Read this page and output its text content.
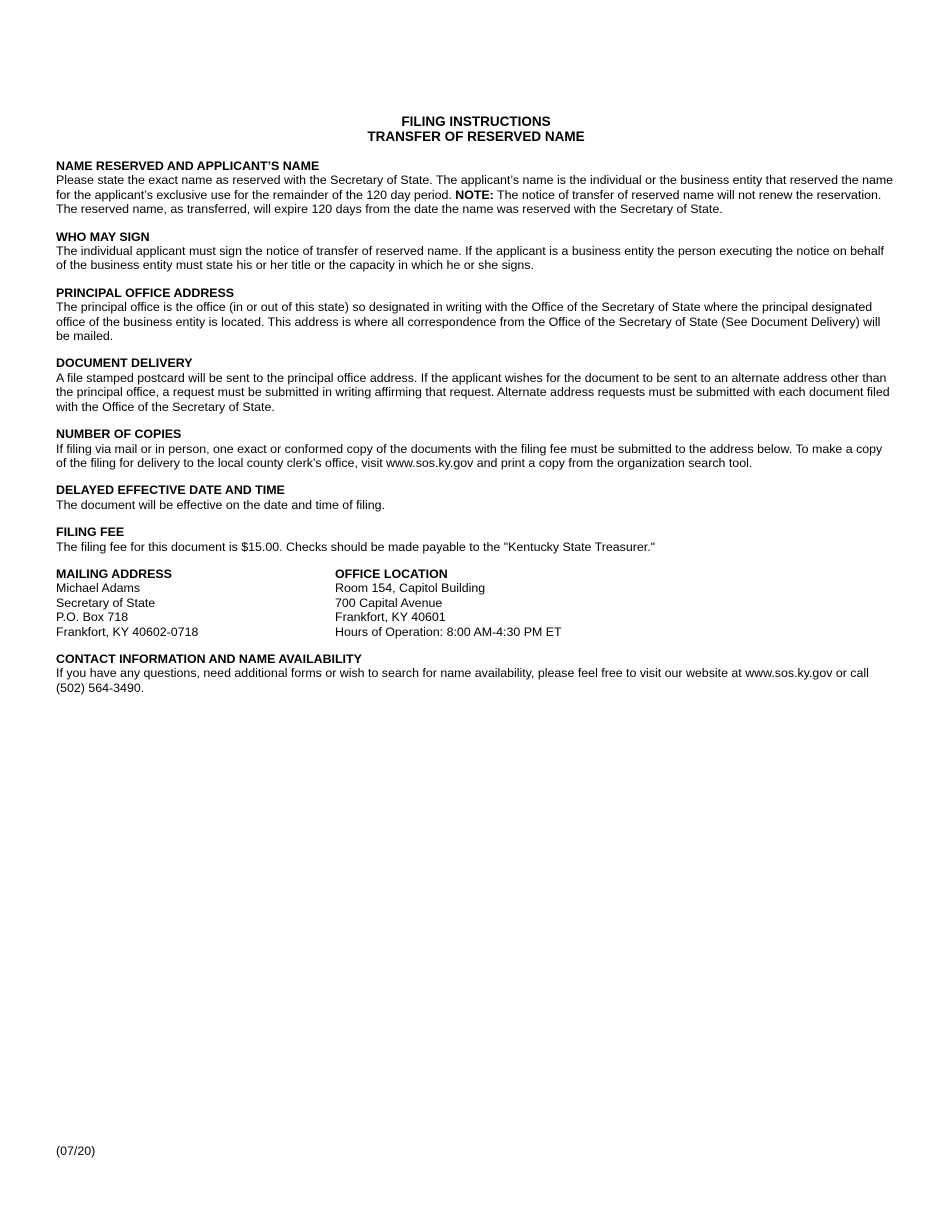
FILING INSTRUCTIONS
TRANSFER OF RESERVED NAME
NAME RESERVED AND APPLICANT’S NAME
Please state the exact name as reserved with the Secretary of State. The applicant’s name is the individual or the business entity that reserved the name for the applicant’s exclusive use for the remainder of the 120 day period. NOTE: The notice of transfer of reserved name will not renew the reservation. The reserved name, as transferred, will expire 120 days from the date the name was reserved with the Secretary of State.
WHO MAY SIGN
The individual applicant must sign the notice of transfer of reserved name. If the applicant is a business entity the person executing the notice on behalf of the business entity must state his or her title or the capacity in which he or she signs.
PRINCIPAL OFFICE ADDRESS
The principal office is the office (in or out of this state) so designated in writing with the Office of the Secretary of State where the principal designated office of the business entity is located. This address is where all correspondence from the Office of the Secretary of State (See Document Delivery) will be mailed.
DOCUMENT DELIVERY
A file stamped postcard will be sent to the principal office address. If the applicant wishes for the document to be sent to an alternate address other than the principal office, a request must be submitted in writing affirming that request. Alternate address requests must be submitted with each document filed with the Office of the Secretary of State.
NUMBER OF COPIES
If filing via mail or in person, one exact or conformed copy of the documents with the filing fee must be submitted to the address below. To make a copy of the filing for delivery to the local county clerk’s office, visit www.sos.ky.gov and print a copy from the organization search tool.
DELAYED EFFECTIVE DATE AND TIME
The document will be effective on the date and time of filing.
FILING FEE
The filing fee for this document is $15.00. Checks should be made payable to the "Kentucky State Treasurer."
MAILING ADDRESS
Michael Adams
Secretary of State
P.O. Box 718
Frankfort, KY 40602-0718
OFFICE LOCATION
Room 154, Capitol Building
700 Capital Avenue
Frankfort, KY 40601
Hours of Operation: 8:00 AM-4:30 PM ET
CONTACT INFORMATION AND NAME AVAILABILITY
If you have any questions, need additional forms or wish to search for name availability, please feel free to visit our website at www.sos.ky.gov or call (502) 564-3490.
(07/20)
